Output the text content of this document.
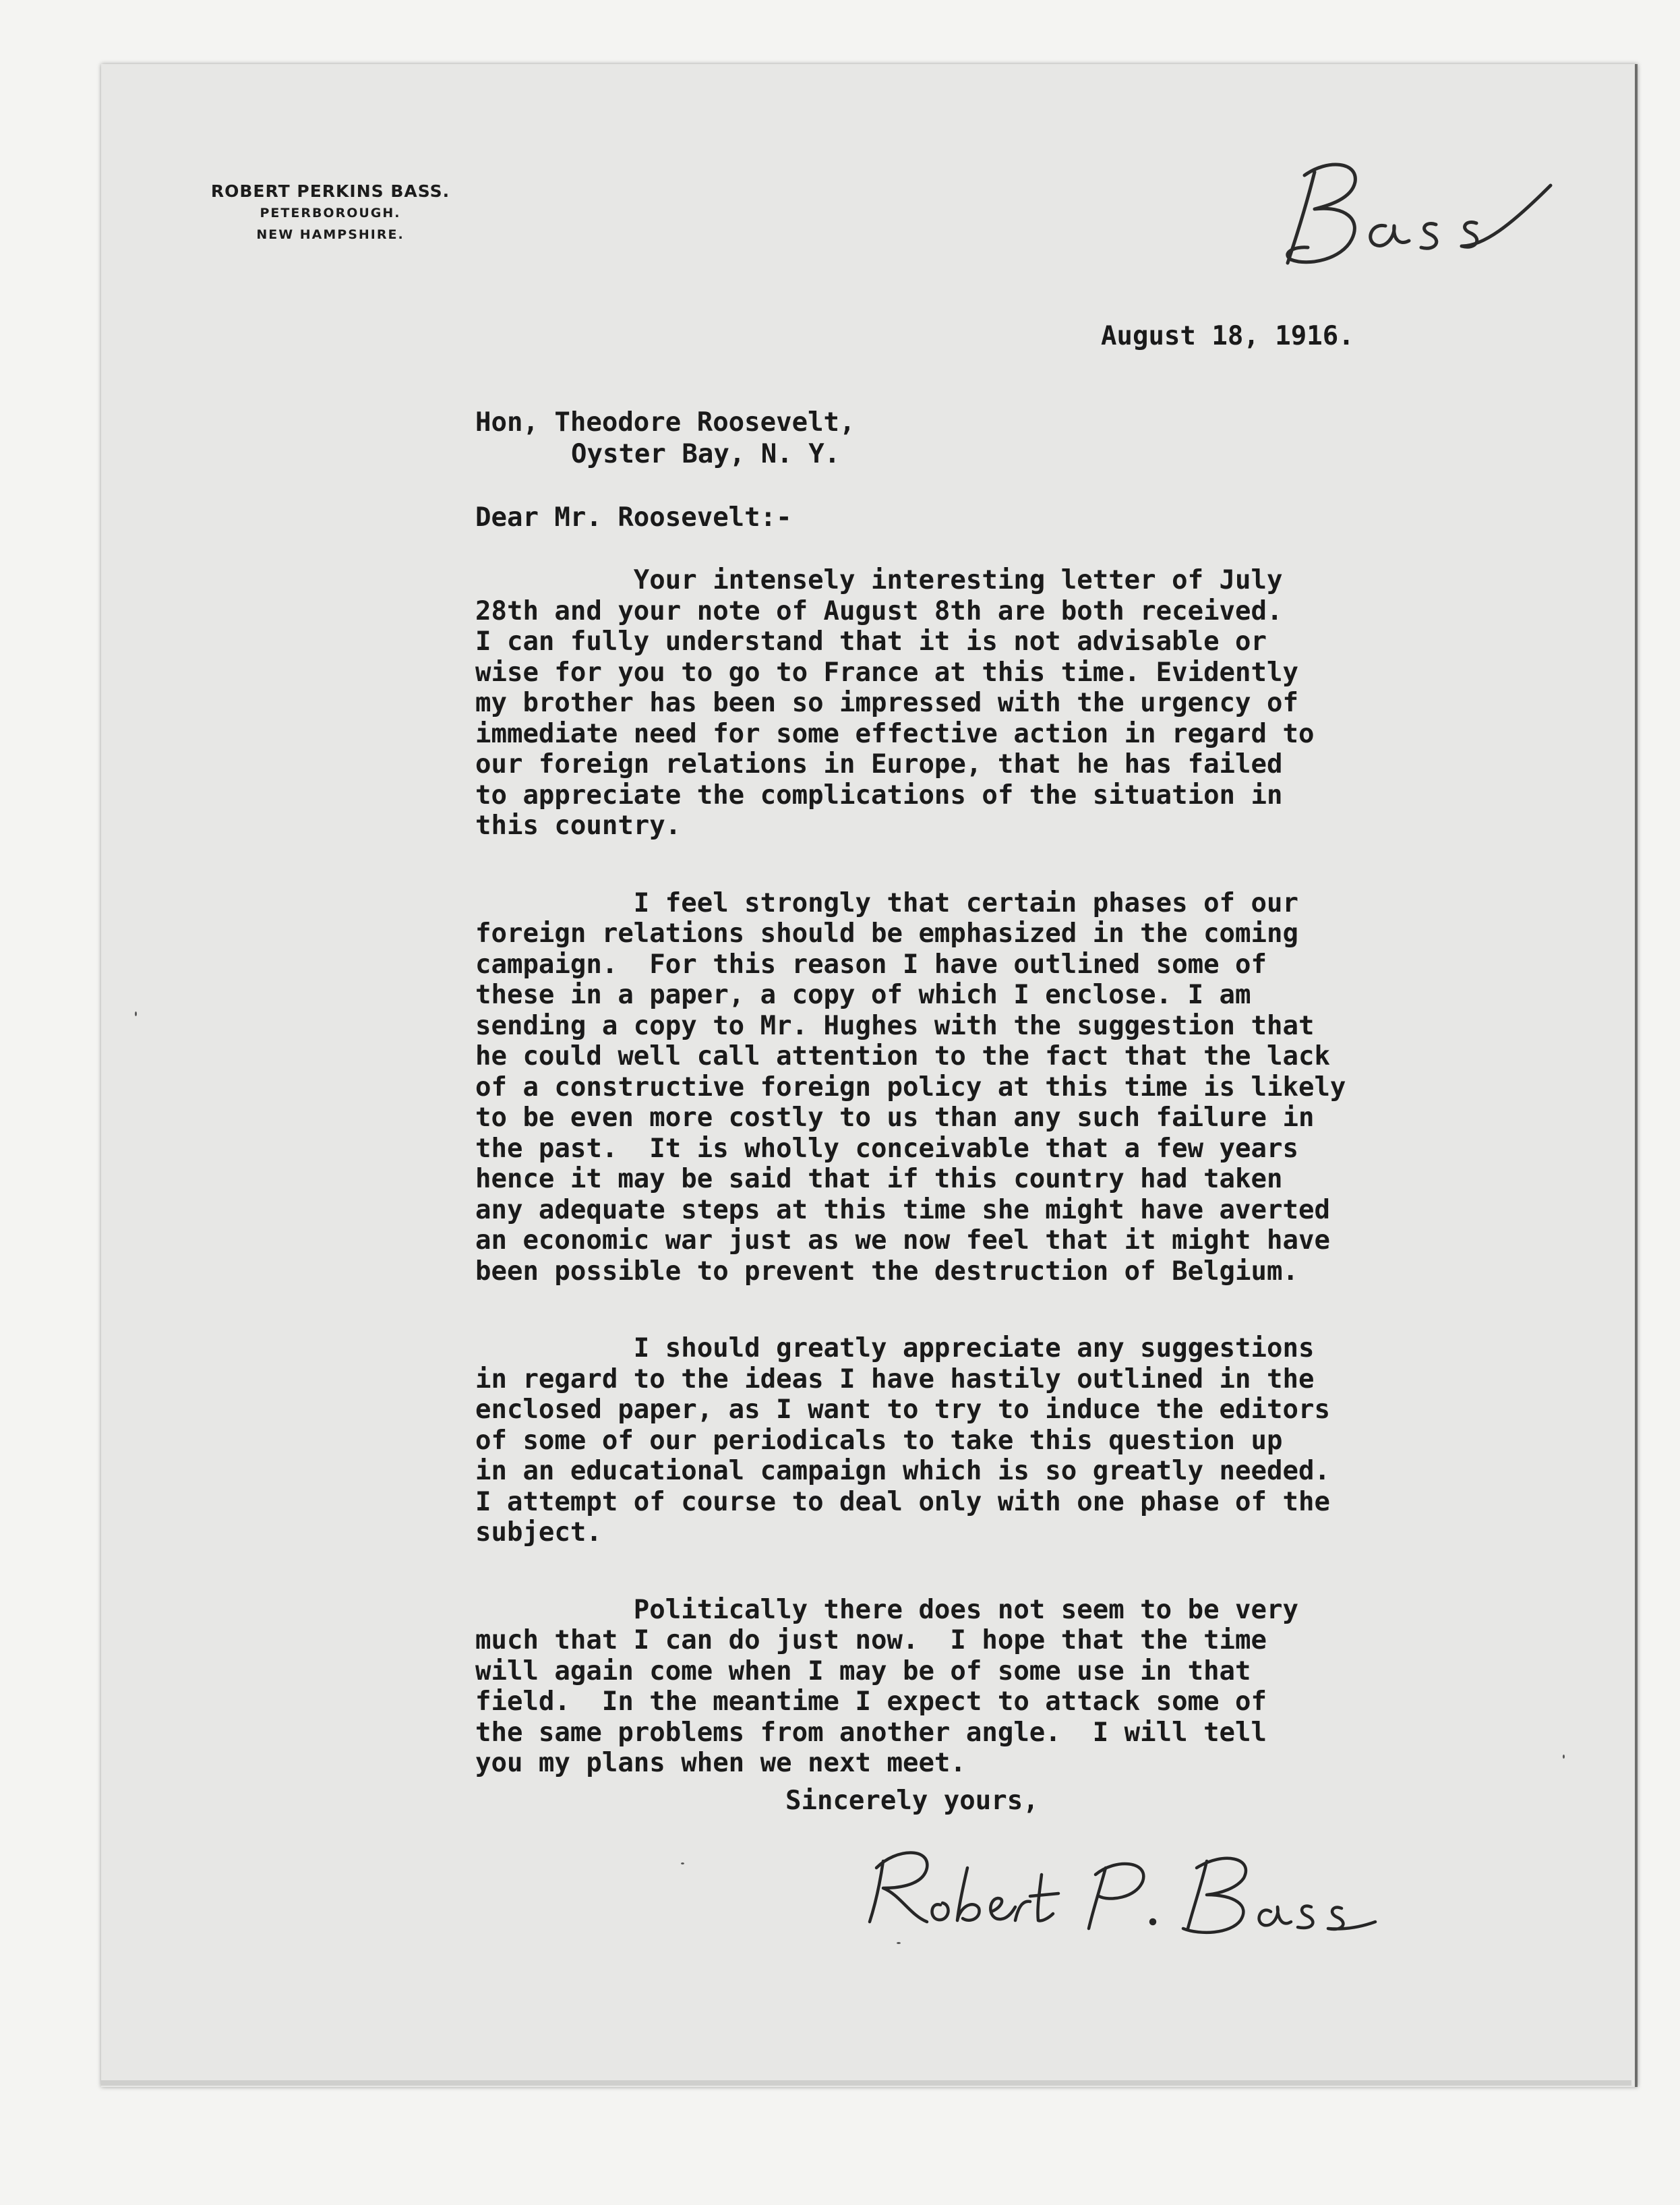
ROBERT PERKINS BASS.
PETERBOROUGH.
NEW HAMPSHIRE.
August 18, 1916.
Hon, Theodore Roosevelt,
Oyster Bay, N. Y.
Dear Mr. Roosevelt:-
Your intensely interesting letter of July
28th and your note of August 8th are both received.
I can fully understand that it is not advisable or
wise for you to go to France at this time. Evidently
my brother has been so impressed with the urgency of
immediate need for some effective action in regard to
our foreign relations in Europe, that he has failed
to appreciate the complications of the situation in
this country.
I feel strongly that certain phases of our
foreign relations should be emphasized in the coming
campaign.  For this reason I have outlined some of
these in a paper, a copy of which I enclose. I am
sending a copy to Mr. Hughes with the suggestion that
he could well call attention to the fact that the lack
of a constructive foreign policy at this time is likely
to be even more costly to us than any such failure in
the past.  It is wholly conceivable that a few years
hence it may be said that if this country had taken
any adequate steps at this time she might have averted
an economic war just as we now feel that it might have
been possible to prevent the destruction of Belgium.
I should greatly appreciate any suggestions
in regard to the ideas I have hastily outlined in the
enclosed paper, as I want to try to induce the editors
of some of our periodicals to take this question up
in an educational campaign which is so greatly needed.
I attempt of course to deal only with one phase of the
subject.
Politically there does not seem to be very
much that I can do just now.  I hope that the time
will again come when I may be of some use in that
field.  In the meantime I expect to attack some of
the same problems from another angle.  I will tell
you my plans when we next meet.
Sincerely yours,
